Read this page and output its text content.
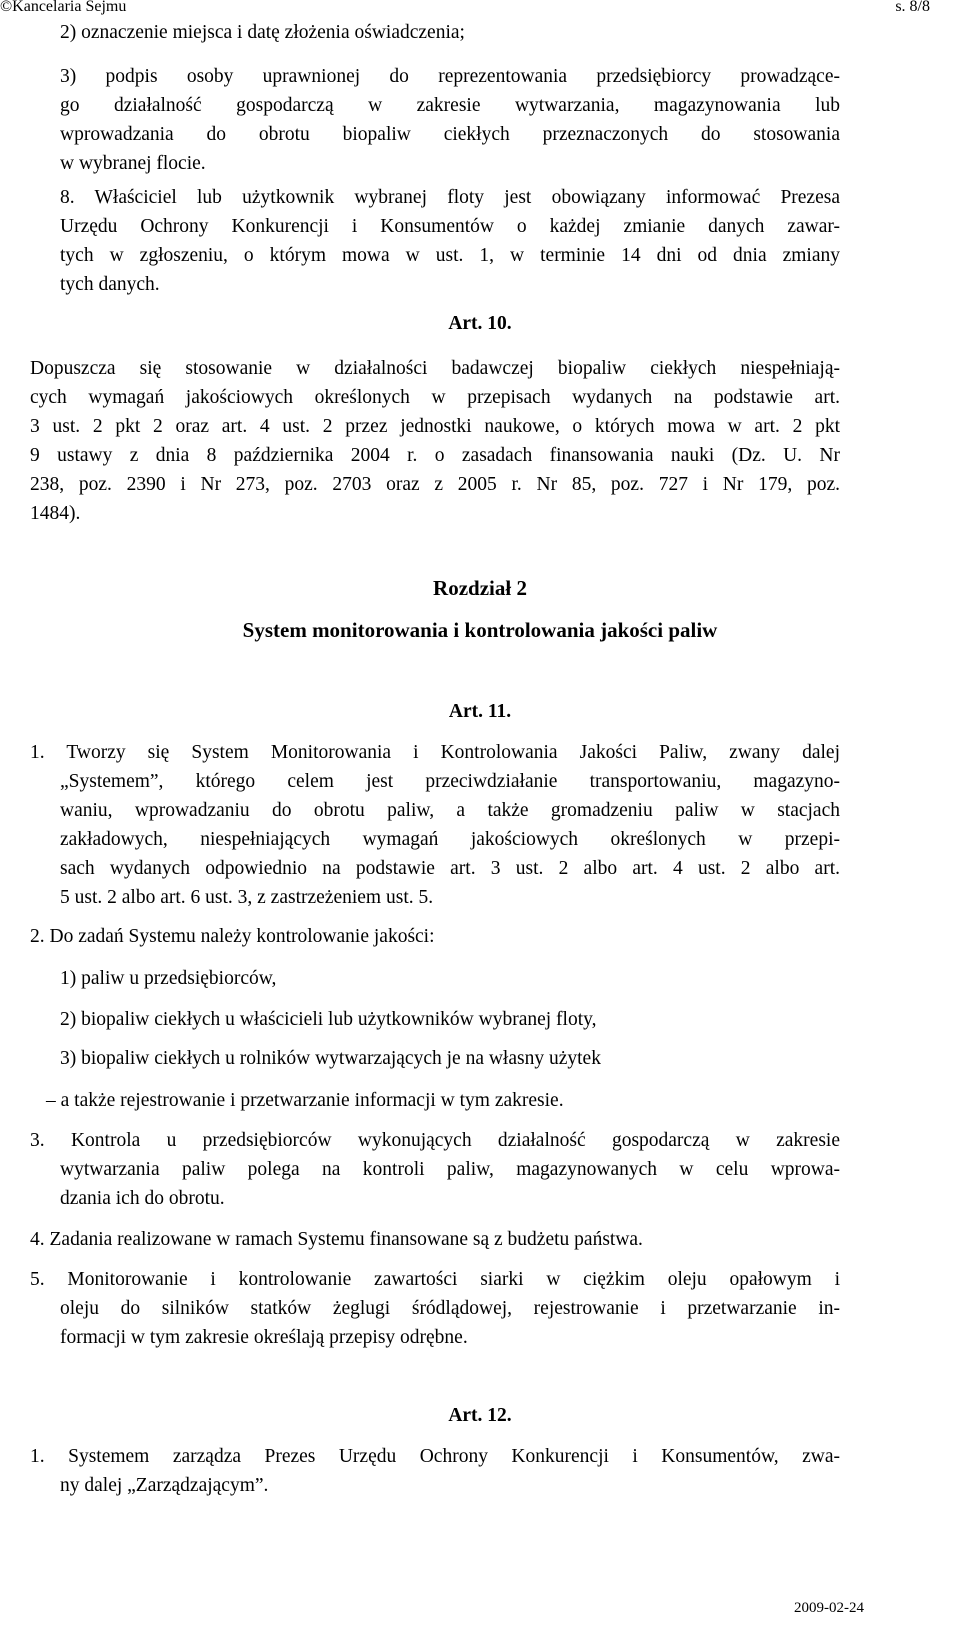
©Kancelaria Sejmu	s. 8/8
2) oznaczenie miejsca i datę złożenia oświadczenia;
3) podpis osoby uprawnionej do reprezentowania przedsiębiorcy prowadzące-
go działalność gospodarczą w zakresie wytwarzania, magazynowania lub
wprowadzania do obrotu biopaliw ciekłych przeznaczonych do stosowania
w wybranej flocie.
8. Właściciel lub użytkownik wybranej floty jest obowiązany informować Prezesa
Urzędu Ochrony Konkurencji i Konsumentów o każdej zmianie danych zawar-
tych w zgłoszeniu, o którym mowa w ust. 1, w terminie 14 dni od dnia zmiany
tych danych.
Art. 10.
Dopuszcza się stosowanie w działalności badawczej biopaliw ciekłych niespełniają-
cych wymagań jakościowych określonych w przepisach wydanych na podstawie art.
3 ust. 2 pkt 2 oraz art. 4 ust. 2 przez jednostki naukowe, o których mowa w art. 2 pkt
9 ustawy z dnia 8 października 2004 r. o zasadach finansowania nauki (Dz. U. Nr
238, poz. 2390 i Nr 273, poz. 2703 oraz z 2005 r. Nr 85, poz. 727 i Nr 179, poz.
1484).
Rozdział 2
System monitorowania i kontrolowania jakości paliw
Art. 11.
1. Tworzy się System Monitorowania i Kontrolowania Jakości Paliw, zwany dalej
„Systemem”, którego celem jest przeciwdziałanie transportowaniu, magazyno-
waniu, wprowadzaniu do obrotu paliw, a także gromadzeniu paliw w stacjach
zakładowych, niespełniających wymagań jakościowych określonych w przepi-
sach wydanych odpowiednio na podstawie art. 3 ust. 2 albo art. 4 ust. 2 albo art.
5 ust. 2 albo art. 6 ust. 3, z zastrzeżeniem ust. 5.
2. Do zadań Systemu należy kontrolowanie jakości:
1) paliw u przedsiębiorców,
2) biopaliw ciekłych u właścicieli lub użytkowników wybranej floty,
3) biopaliw ciekłych u rolników wytwarzających je na własny użytek
– a także rejestrowanie i przetwarzanie informacji w tym zakresie.
3. Kontrola u przedsiębiorców wykonujących działalność gospodarczą w zakresie
wytwarzania paliw polega na kontroli paliw, magazynowanych w celu wprowa-
dzania ich do obrotu.
4. Zadania realizowane w ramach Systemu finansowane są z budżetu państwa.
5. Monitorowanie i kontrolowanie zawartości siarki w ciężkim oleju opałowym i
oleju do silników statków żeglugi śródlądowej, rejestrowanie i przetwarzanie in-
formacji w tym zakresie określają przepisy odrębne.
Art. 12.
1. Systemem zarządza Prezes Urzędu Ochrony Konkurencji i Konsumentów, zwa-
ny dalej „Zarządzającym”.
2009-02-24
